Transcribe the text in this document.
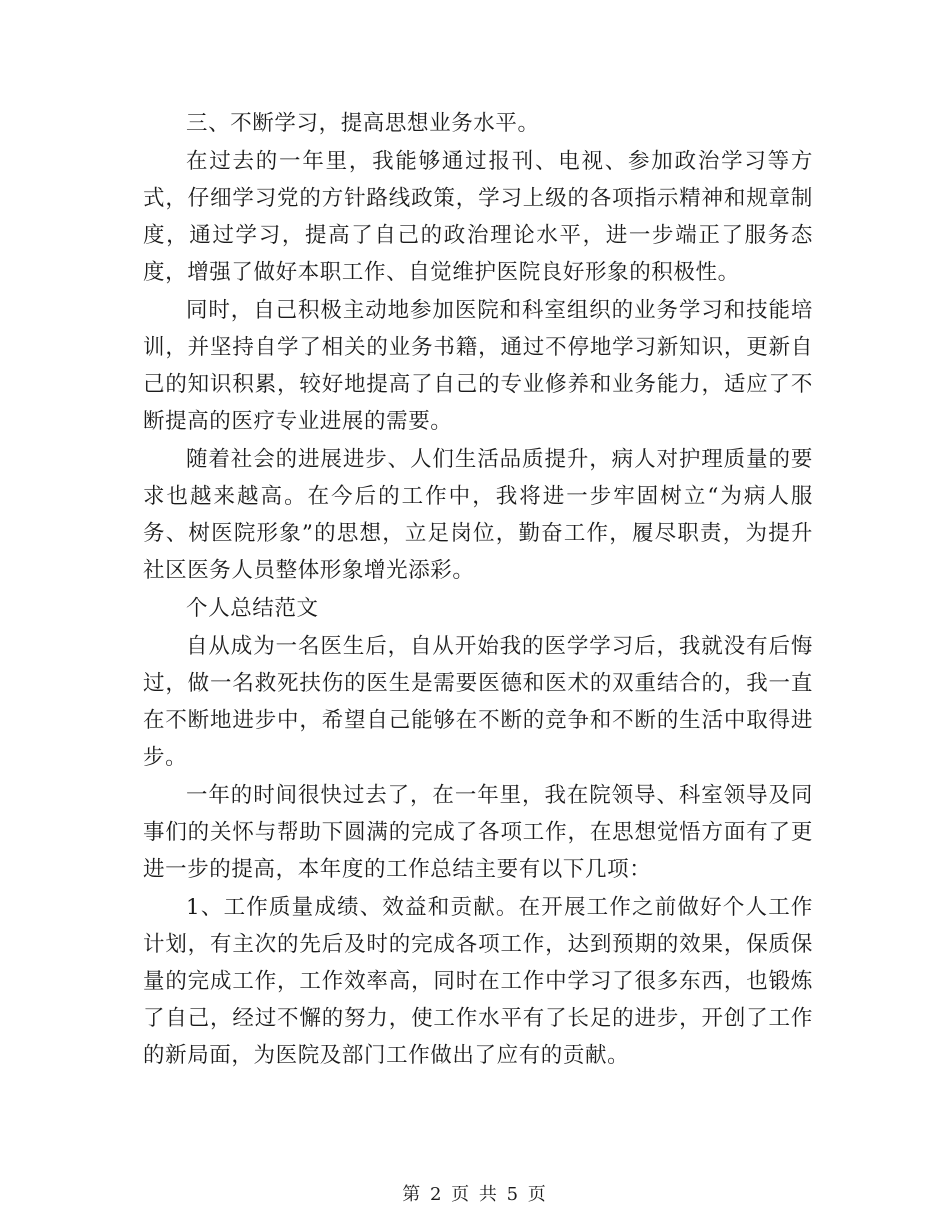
三、不断学习，提高思想业务水平。

在过去的一年里，我能够通过报刊、电视、参加政治学习等方式，仔细学习党的方针路线政策，学习上级的各项指示精神和规章制度，通过学习，提高了自己的政治理论水平，进一步端正了服务态度，增强了做好本职工作、自觉维护医院良好形象的积极性。

同时，自己积极主动地参加医院和科室组织的业务学习和技能培训，并坚持自学了相关的业务书籍，通过不停地学习新知识，更新自己的知识积累，较好地提高了自己的专业修养和业务能力，适应了不断提高的医疗专业进展的需要。

随着社会的进展进步、人们生活品质提升，病人对护理质量的要求也越来越高。在今后的工作中，我将进一步牢固树立“为病人服务、树医院形象”的思想，立足岗位，勤奋工作，履尽职责，为提升社区医务人员整体形象增光添彩。

个人总结范文

自从成为一名医生后，自从开始我的医学学习后，我就没有后悔过，做一名救死扶伤的医生是需要医德和医术的双重结合的，我一直在不断地进步中，希望自己能够在不断的竞争和不断的生活中取得进步。

一年的时间很快过去了，在一年里，我在院领导、科室领导及同事们的关怀与帮助下圆满的完成了各项工作，在思想觉悟方面有了更进一步的提高，本年度的工作总结主要有以下几项：

1、工作质量成绩、效益和贡献。在开展工作之前做好个人工作计划，有主次的先后及时的完成各项工作，达到预期的效果，保质保量的完成工作，工作效率高，同时在工作中学习了很多东西，也锻炼了自己，经过不懈的努力，使工作水平有了长足的进步，开创了工作的新局面，为医院及部门工作做出了应有的贡献。

第 2 页 共 5 页
